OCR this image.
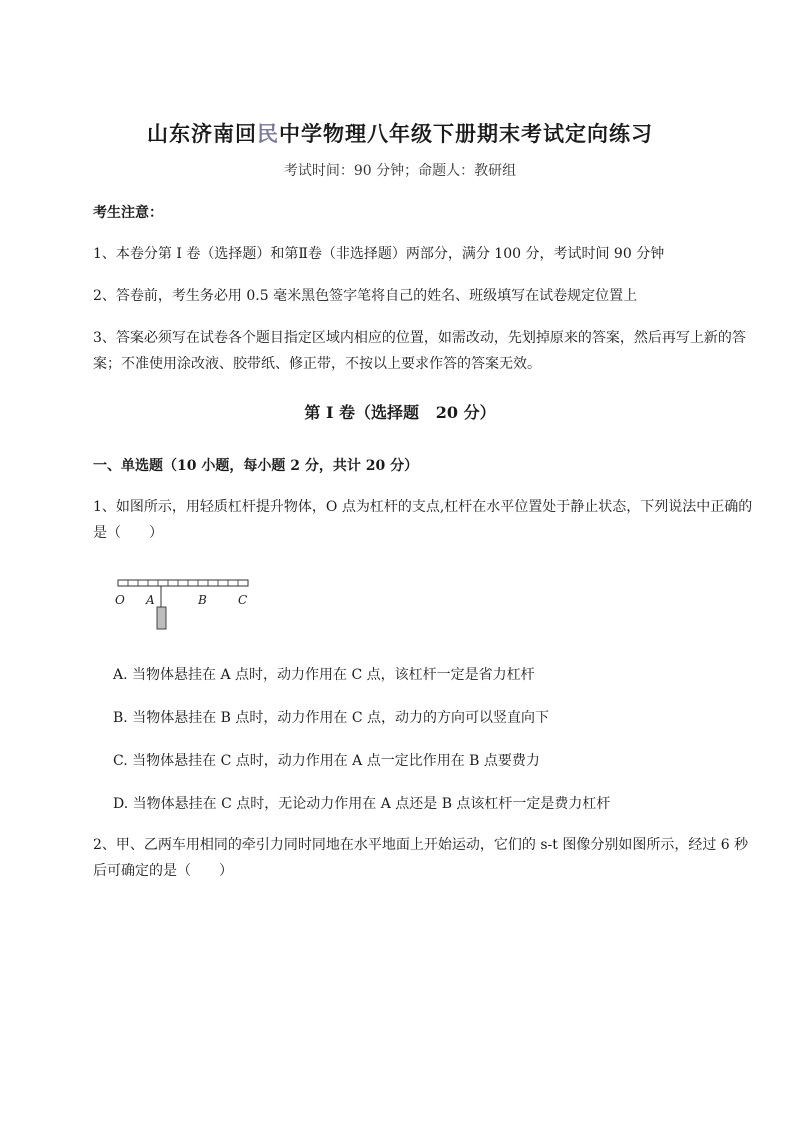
山东济南回民中学物理八年级下册期末考试定向练习
考试时间：90 分钟；命题人：教研组
考生注意：
1、本卷分第 I 卷（选择题）和第Ⅱ卷（非选择题）两部分，满分 100 分，考试时间 90 分钟
2、答卷前，考生务必用 0.5 毫米黑色签字笔将自己的姓名、班级填写在试卷规定位置上
3、答案必须写在试卷各个题目指定区域内相应的位置，如需改动，先划掉原来的答案，然后再写上新的答案；不准使用涂改液、胶带纸、修正带，不按以上要求作答的答案无效。
第 I 卷（选择题   20 分）
一、单选题（10 小题，每小题 2 分，共计 20 分）
1、如图所示，用轻质杠杆提升物体，O 点为杠杆的支点,杠杆在水平位置处于静止状态，下列说法中正确的是（　　）
O A	B	C
A. 当物体悬挂在 A 点时，动力作用在 C 点，该杠杆一定是省力杠杆
B. 当物体悬挂在 B 点时，动力作用在 C 点，动力的方向可以竖直向下
C. 当物体悬挂在 C 点时，动力作用在 A 点一定比作用在 B 点要费力
D. 当物体悬挂在 C 点时，无论动力作用在 A 点还是 B 点该杠杆一定是费力杠杆
2、甲、乙两车用相同的牵引力同时同地在水平地面上开始运动，它们的 s-t 图像分别如图所示，经过 6 秒后可确定的是（　　）
